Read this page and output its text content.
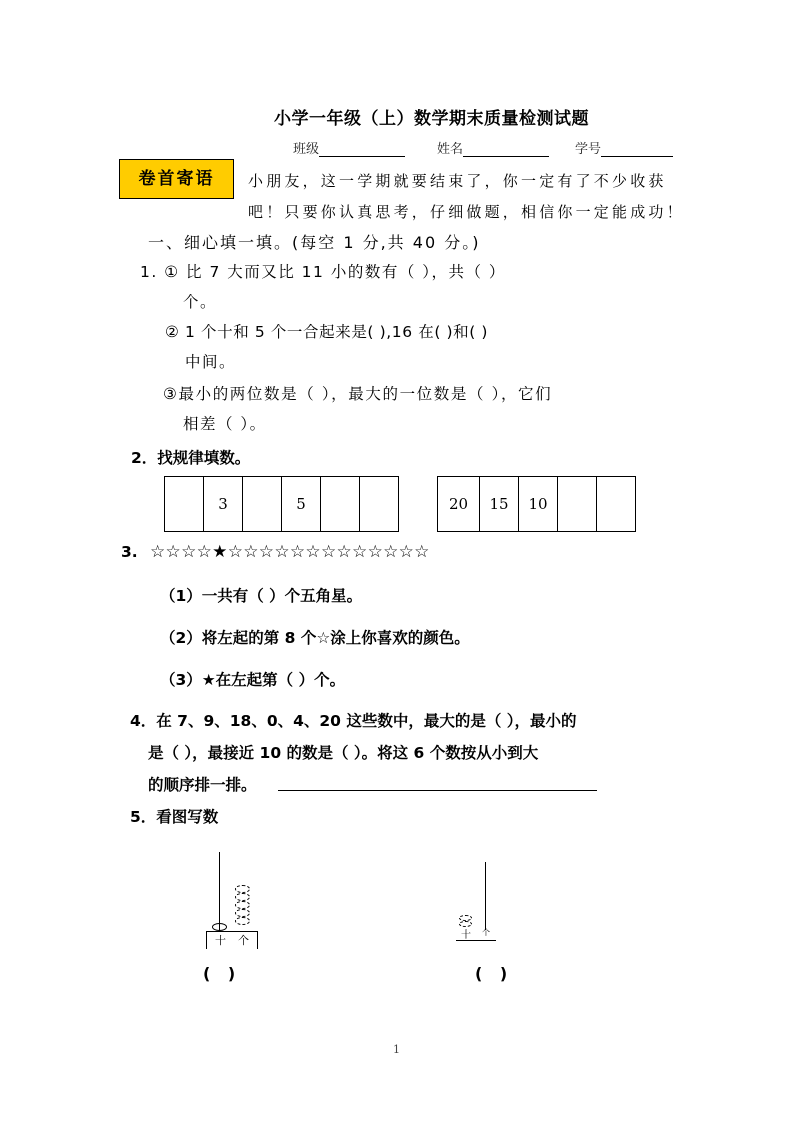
小学一年级（上）数学期末质量检测试题
班级	姓名	学号
卷首寄语	小朋友，这一学期就要结束了，你一定有了不少收获
吧！只要你认真思考，仔细做题，相信你一定能成功！
一、细心填一填。(每空 1 分,共 40 分。)
1. ① 比 7 大而又比 11 小的数有（ ），共（ ）
个。
② 1 个十和 5 个一合起来是( ),16 在( )和( )
中间。
③最小的两位数是（ ），最大的一位数是（ ），它们
相差（ ）。
2．找规律填数。
	3		5			20	15	10		
3. ☆☆☆☆★☆☆☆☆☆☆☆☆☆☆☆☆☆
（1）一共有（ ）个五角星。
（2）将左起的第 8 个☆涂上你喜欢的颜色。
（3）★在左起第（ ）个。
4．在 7、9、18、0、4、20 这些数中，最大的是（ ），最小的
是（ ），最接近 10 的数是（ ）。将这 6 个数按从小到大
的顺序排一排。
5．看图写数
十 个
( )
十 个
( )
1
